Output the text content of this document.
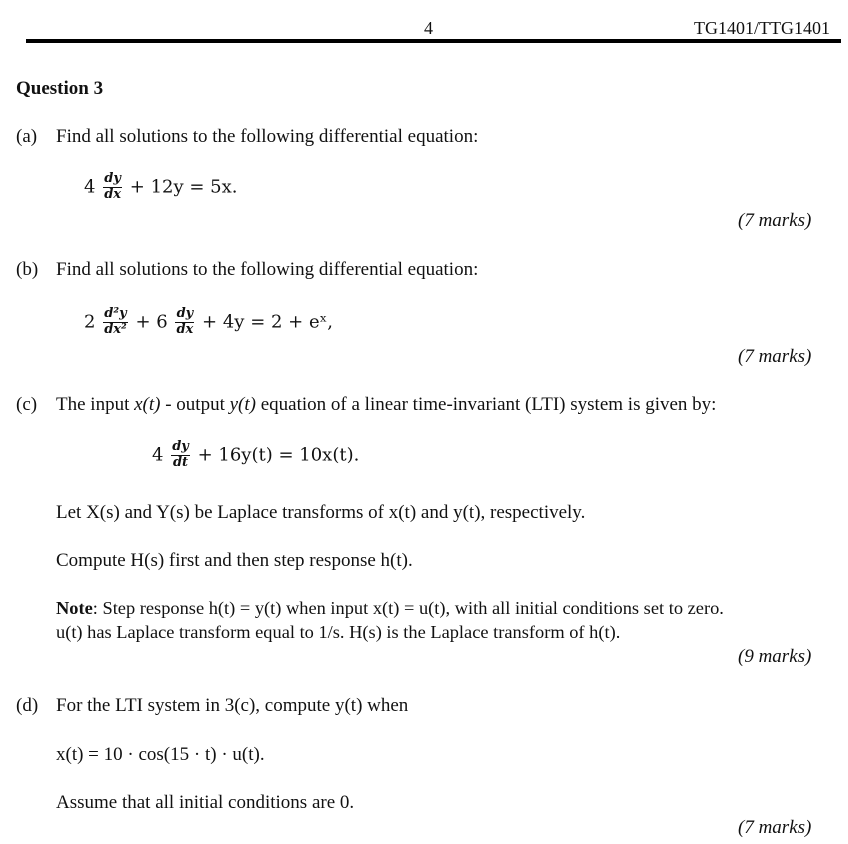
4	TG1401/TTG1401
Question 3
(a) Find all solutions to the following differential equation:
$4 \frac{dy}{dx} + 12y = 5x$.
(7 marks)
(b) Find all solutions to the following differential equation:
$2 \frac{\text{d²y}}{\text{dx²}} + 6 \frac{dy}{dx} + 4y = 2$ + eˣ,
(7 marks)
(c) The input x(t) - output y(t) equation of a linear time-invariant (LTI) system is given by:
$4 \frac{dy}{dt} + 16y(t) = 10x(t)$.
Let X(s) and Y(s) be Laplace transforms of x(t) and y(t), respectively.
Compute H(s) first and then step response h(t).
Note: Step response h(t) = y(t) when input x(t) = u(t), with all initial conditions set to zero.
u(t) has Laplace transform equal to 1/s. H(s) is the Laplace transform of h(t).
(9 marks)
(d) For the LTI system in 3(c), compute y(t) when
x(t) = 10 · cos(15 · t) · u(t).
Assume that all initial conditions are 0.
(7 marks)
